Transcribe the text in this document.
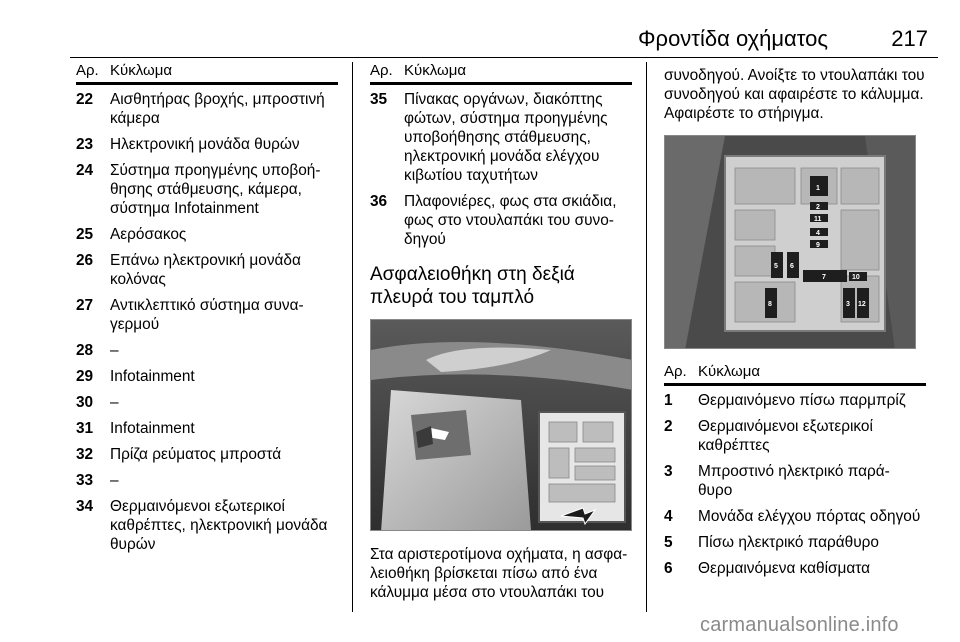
Φροντίδα οχήματος	217
Αρ. Κύκλωμα
22	Αισθητήρας βροχής, μπροστινή κάμερα
23	Ηλεκτρονική μονάδα θυρών
24	Σύστημα προηγμένης υποβοή- θησης στάθμευσης, κάμερα, σύστημα Infotainment
25	Αερόσακος
26	Επάνω ηλεκτρονική μονάδα κολόνας
27	Αντικλεπτικό σύστημα συνα- γερμού
28	–
29	Infotainment
30	–
31	Infotainment
32	Πρίζα ρεύματος μπροστά
33	–
34	Θερμαινόμενοι εξωτερικοί καθρέπτες, ηλεκτρονική μονάδα θυρών
Αρ. Κύκλωμα
35	Πίνακας οργάνων, διακόπτης φώτων, σύστημα προηγμένης υποβοήθησης στάθμευσης, ηλεκτρονική μονάδα ελέγχου κιβωτίου ταχυτήτων
36	Πλαφονιέρες, φως στα σκιάδια, φως στο ντουλαπάκι του συνο- δηγού
Ασφαλειοθήκη στη δεξιά πλευρά του ταμπλό
Στα αριστεροτίμονα οχήματα, η ασφα- λειοθήκη βρίσκεται πίσω από ένα κάλυμμα μέσα στο ντουλαπάκι του
συνοδηγού. Ανοίξτε το ντουλαπάκι του συνοδηγού και αφαιρέστε το κάλυμμα. Αφαιρέστε το στήριγμα.
1
2
11
4
9
5 6
7	10
8	3 12
Αρ. Κύκλωμα
1	Θερμαινόμενο πίσω παρμπρίζ
2	Θερμαινόμενοι εξωτερικοί καθρέπτες
3	Μπροστινό ηλεκτρικό παρά- θυρο
4	Μονάδα ελέγχου πόρτας οδηγού
5	Πίσω ηλεκτρικό παράθυρο
6	Θερμαινόμενα καθίσματα
carmanualsonline.info
